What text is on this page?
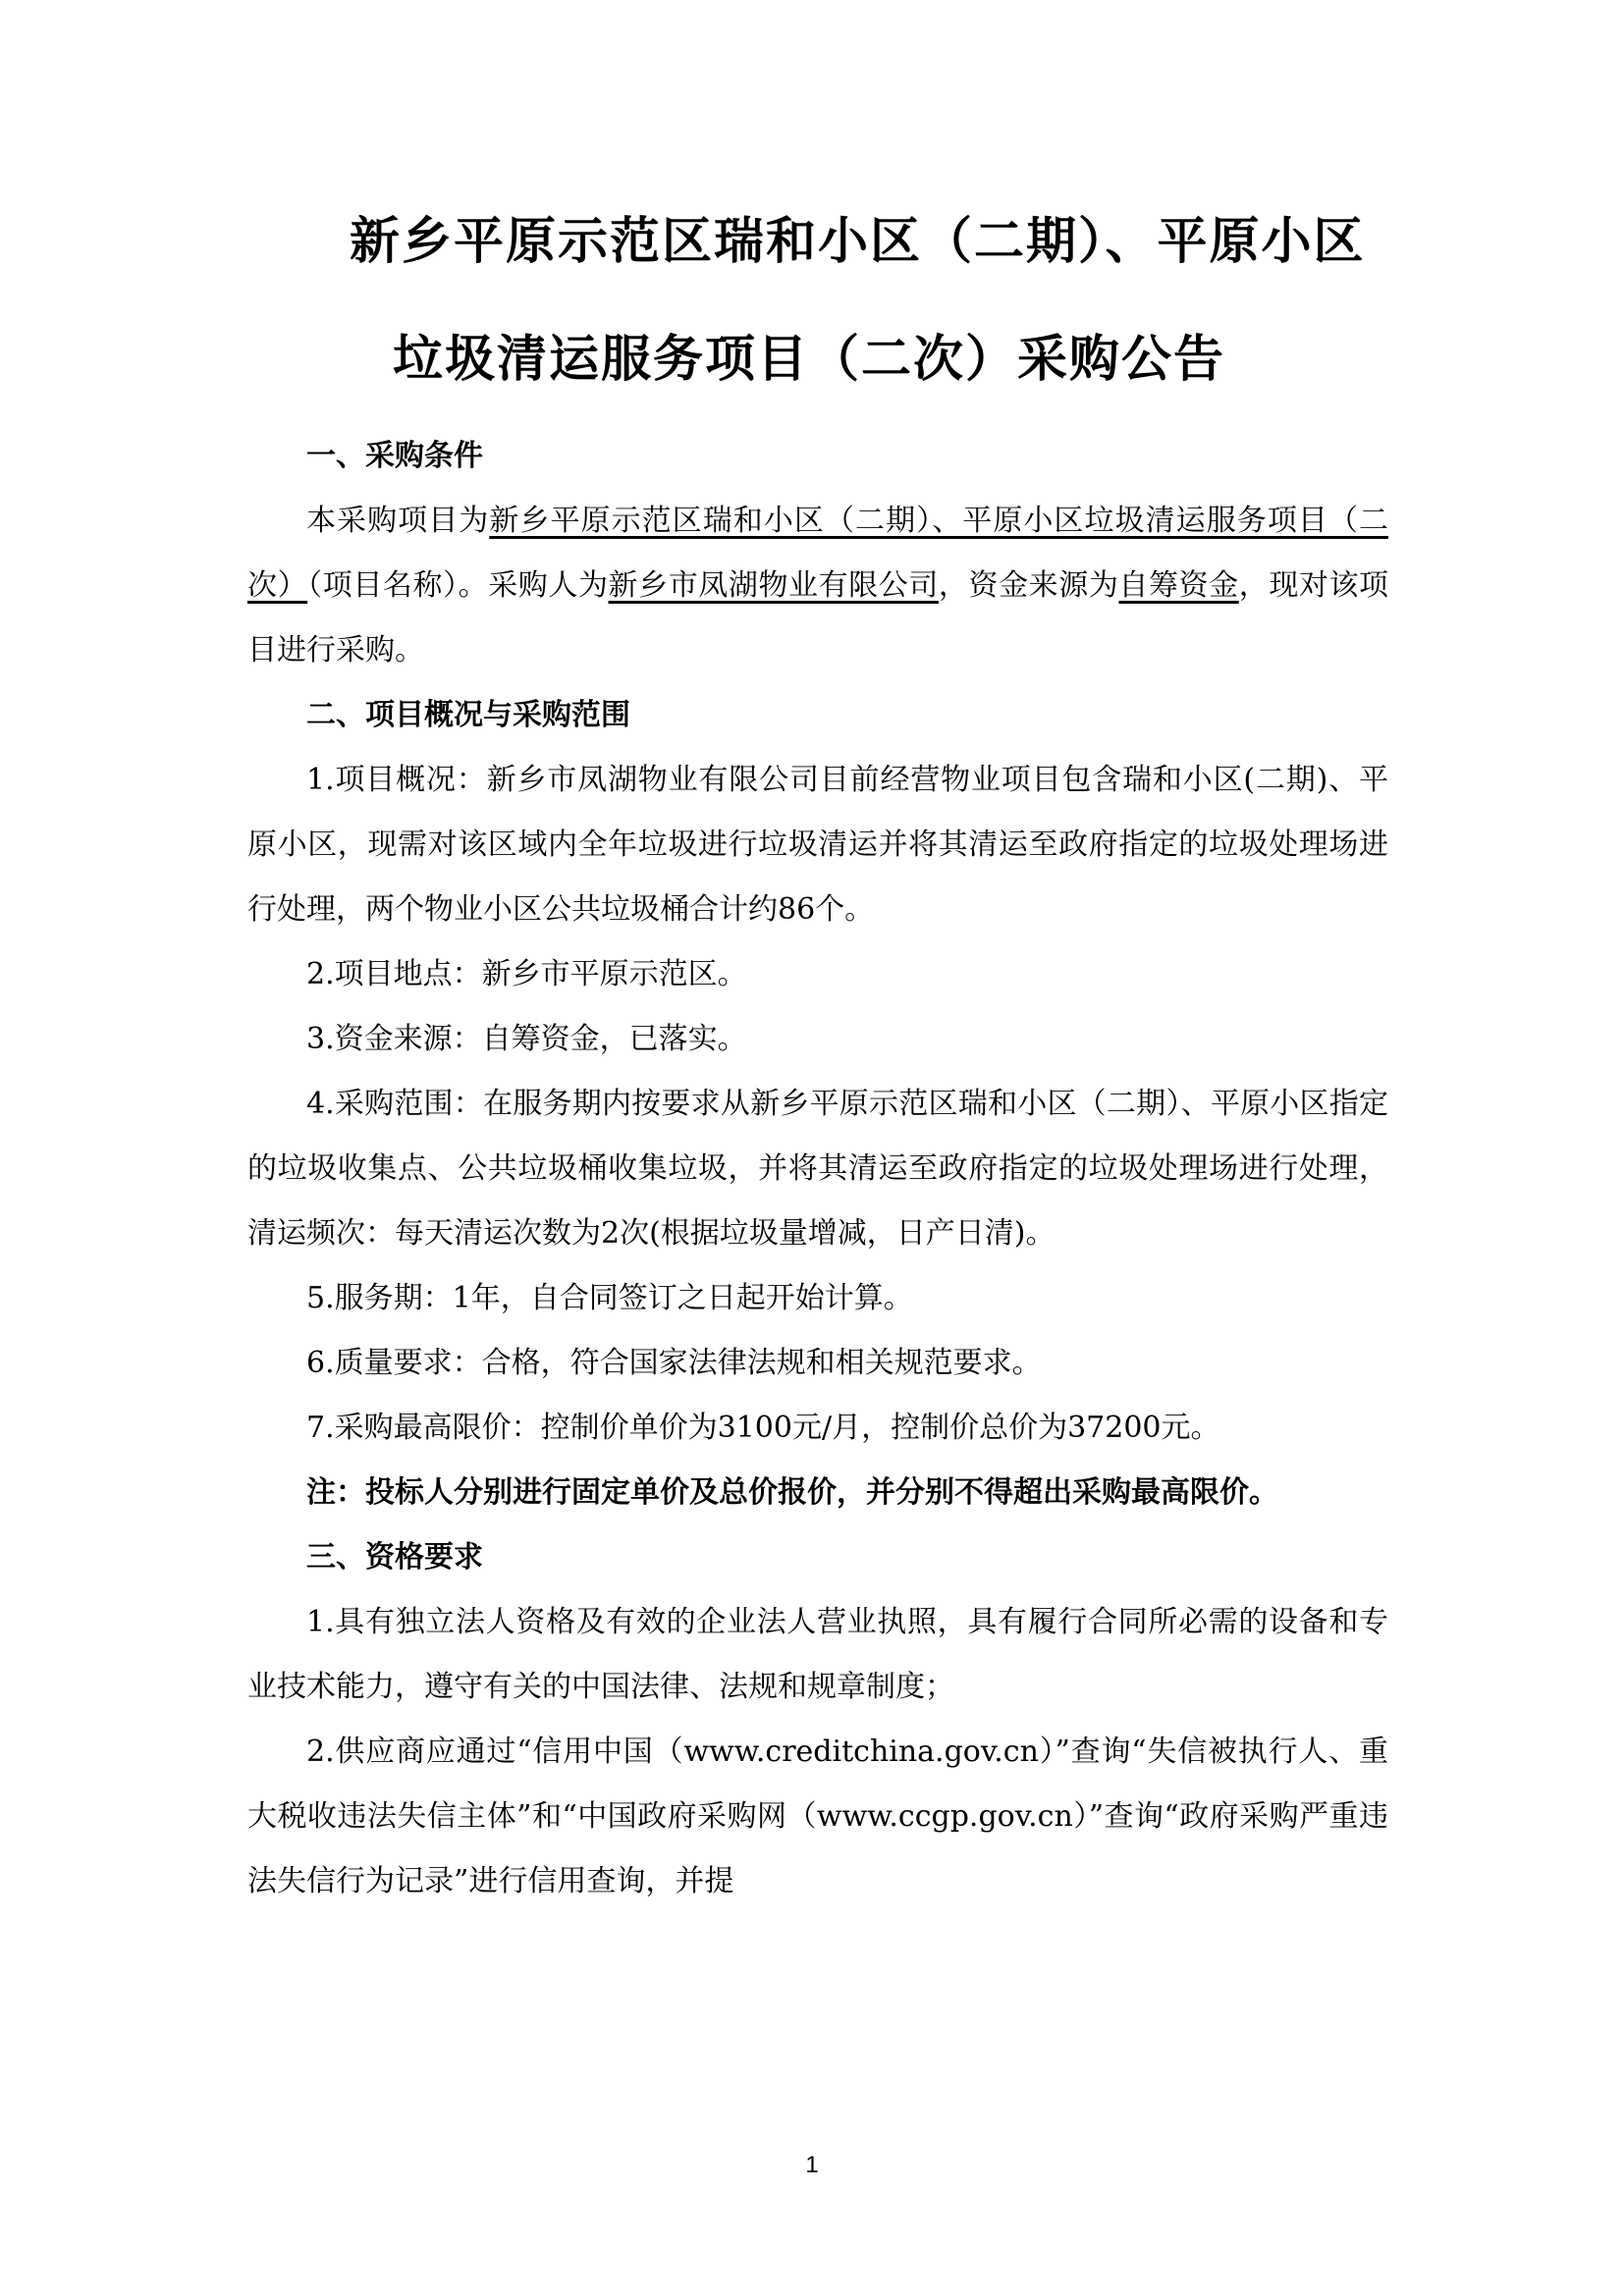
新乡平原示范区瑞和小区（二期）、平原小区
垃圾清运服务项目（二次）采购公告

一、采购条件

本采购项目为新乡平原示范区瑞和小区（二期）、平原小区垃圾清运服务项目（二次）（项目名称）。采购人为新乡市凤湖物业有限公司，资金来源为自筹资金，现对该项目进行采购。

二、项目概况与采购范围

1.项目概况：新乡市凤湖物业有限公司目前经营物业项目包含瑞和小区(二期)、平原小区，现需对该区域内全年垃圾进行垃圾清运并将其清运至政府指定的垃圾处理场进行处理，两个物业小区公共垃圾桶合计约86个。

2.项目地点：新乡市平原示范区。

3.资金来源：自筹资金，已落实。

4.采购范围：在服务期内按要求从新乡平原示范区瑞和小区（二期）、平原小区指定的垃圾收集点、公共垃圾桶收集垃圾，并将其清运至政府指定的垃圾处理场进行处理，清运频次：每天清运次数为2次(根据垃圾量增减，日产日清)。

5.服务期：1年，自合同签订之日起开始计算。

6.质量要求：合格，符合国家法律法规和相关规范要求。

7.采购最高限价：控制价单价为3100元/月，控制价总价为37200元。

注：投标人分别进行固定单价及总价报价，并分别不得超出采购最高限价。

三、资格要求

1.具有独立法人资格及有效的企业法人营业执照，具有履行合同所必需的设备和专业技术能力，遵守有关的中国法律、法规和规章制度；

2.供应商应通过“信用中国（www.creditchina.gov.cn）”查询“失信被执行人、重大税收违法失信主体”和“中国政府采购网（www.ccgp.gov.cn）”查询“政府采购严重违法失信行为记录”进行信用查询，并提

1
